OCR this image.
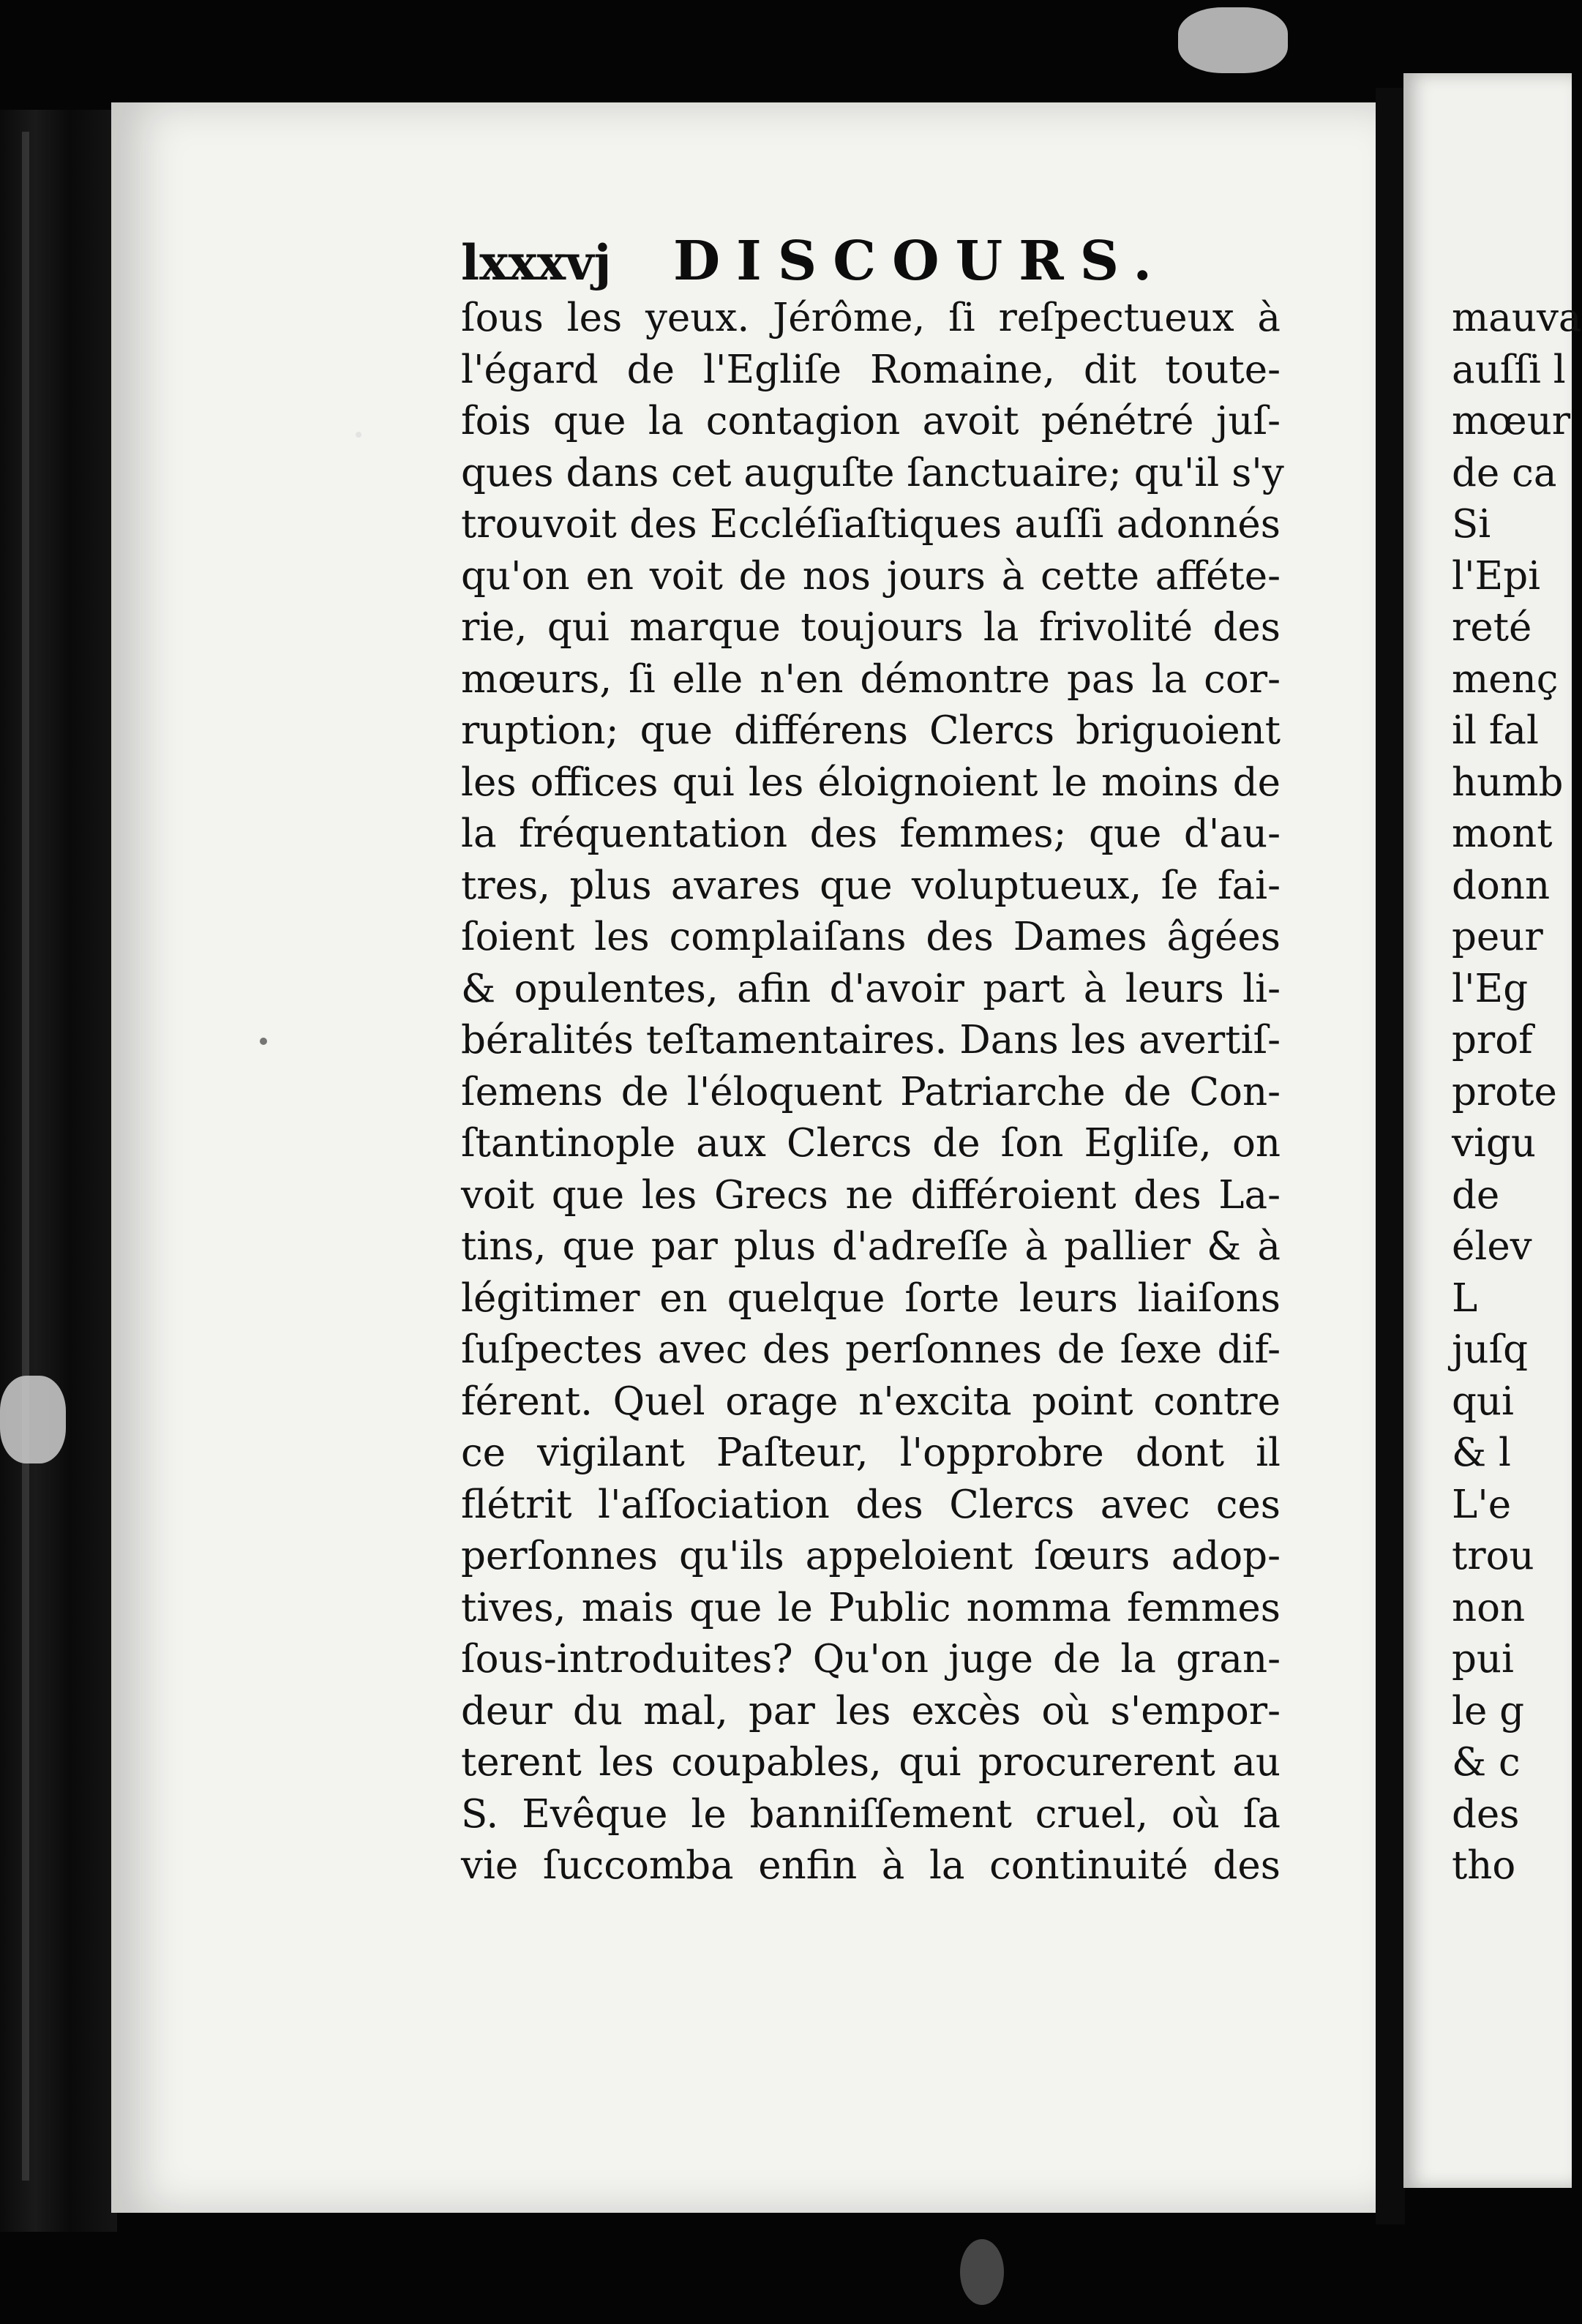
lxxxvj DISCOURS.
ſous les yeux. Jérôme, ſi reſpectueux à
l'égard de l'Egliſe Romaine, dit toute-
fois que la contagion avoit pénétré juſ-
ques dans cet auguſte ſanctuaire; qu'il s'y
trouvoit des Eccléſiaſtiques auſſi adonnés
qu'on en voit de nos jours à cette afféte-
rie, qui marque toujours la frivolité des
mœurs, ſi elle n'en démontre pas la cor-
ruption; que différens Clercs briguoient
les offices qui les éloignoient le moins de
la fréquentation des femmes; que d'au-
tres, plus avares que voluptueux, ſe fai-
ſoient les complaiſans des Dames âgées
& opulentes, afin d'avoir part à leurs li-
béralités teſtamentaires. Dans les avertiſ-
ſemens de l'éloquent Patriarche de Con-
ſtantinople aux Clercs de ſon Egliſe, on
voit que les Grecs ne différoient des La-
tins, que par plus d'adreſſe à pallier & à
légitimer en quelque ſorte leurs liaiſons
ſuſpectes avec des perſonnes de ſexe dif-
férent. Quel orage n'excita point contre
ce vigilant Paſteur, l'opprobre dont il
flétrit l'aſſociation des Clercs avec ces
perſonnes qu'ils appeloient ſœurs adop-
tives, mais que le Public nomma femmes
ſous-introduites? Qu'on juge de la gran-
deur du mal, par les excès où s'empor-
terent les coupables, qui procurerent au
S. Evêque le banniſſement cruel, où ſa
vie ſuccomba enfin à la continuité des
mauva
auſſi l
mœur
de ca
Si
l'Epi
reté
menç
il fal
humb
mont
donn
peur
l'Eg
prof
prote
vigu
de
élev
L
juſq
qui
& l
L'e
trou
non
pui
le g
& c
des
tho
